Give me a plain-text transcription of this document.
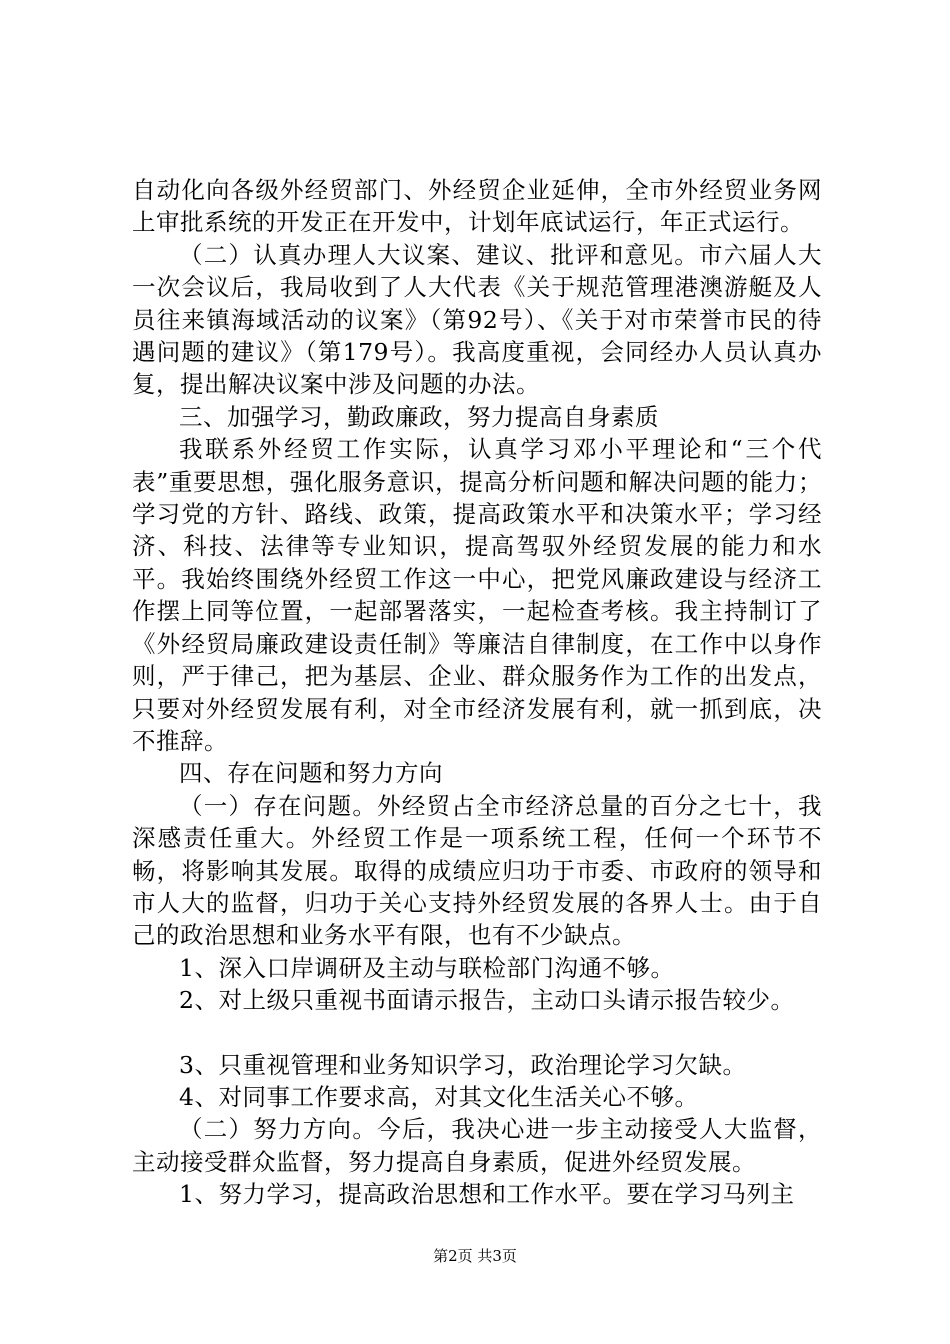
自动化向各级外经贸部门、外经贸企业延伸，全市外经贸业务网上审批系统的开发正在开发中，计划年底试运行，年正式运行。

（二）认真办理人大议案、建议、批评和意见。市六届人大一次会议后，我局收到了人大代表《关于规范管理港澳游艇及人员往来镇海域活动的议案》（第92号）、《关于对市荣誉市民的待遇问题的建议》（第179号）。我高度重视，会同经办人员认真办复，提出解决议案中涉及问题的办法。

三、加强学习，勤政廉政，努力提高自身素质

我联系外经贸工作实际，认真学习邓小平理论和“三个代表”重要思想，强化服务意识，提高分析问题和解决问题的能力；学习党的方针、路线、政策，提高政策水平和决策水平；学习经济、科技、法律等专业知识，提高驾驭外经贸发展的能力和水平。我始终围绕外经贸工作这一中心，把党风廉政建设与经济工作摆上同等位置，一起部署落实，一起检查考核。我主持制订了《外经贸局廉政建设责任制》等廉洁自律制度，在工作中以身作则，严于律己，把为基层、企业、群众服务作为工作的出发点，只要对外经贸发展有利，对全市经济发展有利，就一抓到底，决不推辞。

四、存在问题和努力方向

（一）存在问题。外经贸占全市经济总量的百分之七十，我深感责任重大。外经贸工作是一项系统工程，任何一个环节不畅，将影响其发展。取得的成绩应归功于市委、市政府的领导和市人大的监督，归功于关心支持外经贸发展的各界人士。由于自己的政治思想和业务水平有限，也有不少缺点。

1、深入口岸调研及主动与联检部门沟通不够。

2、对上级只重视书面请示报告，主动口头请示报告较少。

3、只重视管理和业务知识学习，政治理论学习欠缺。

4、对同事工作要求高，对其文化生活关心不够。

（二）努力方向。今后，我决心进一步主动接受人大监督，主动接受群众监督，努力提高自身素质，促进外经贸发展。

1、努力学习，提高政治思想和工作水平。要在学习马列主

第2页 共3页
